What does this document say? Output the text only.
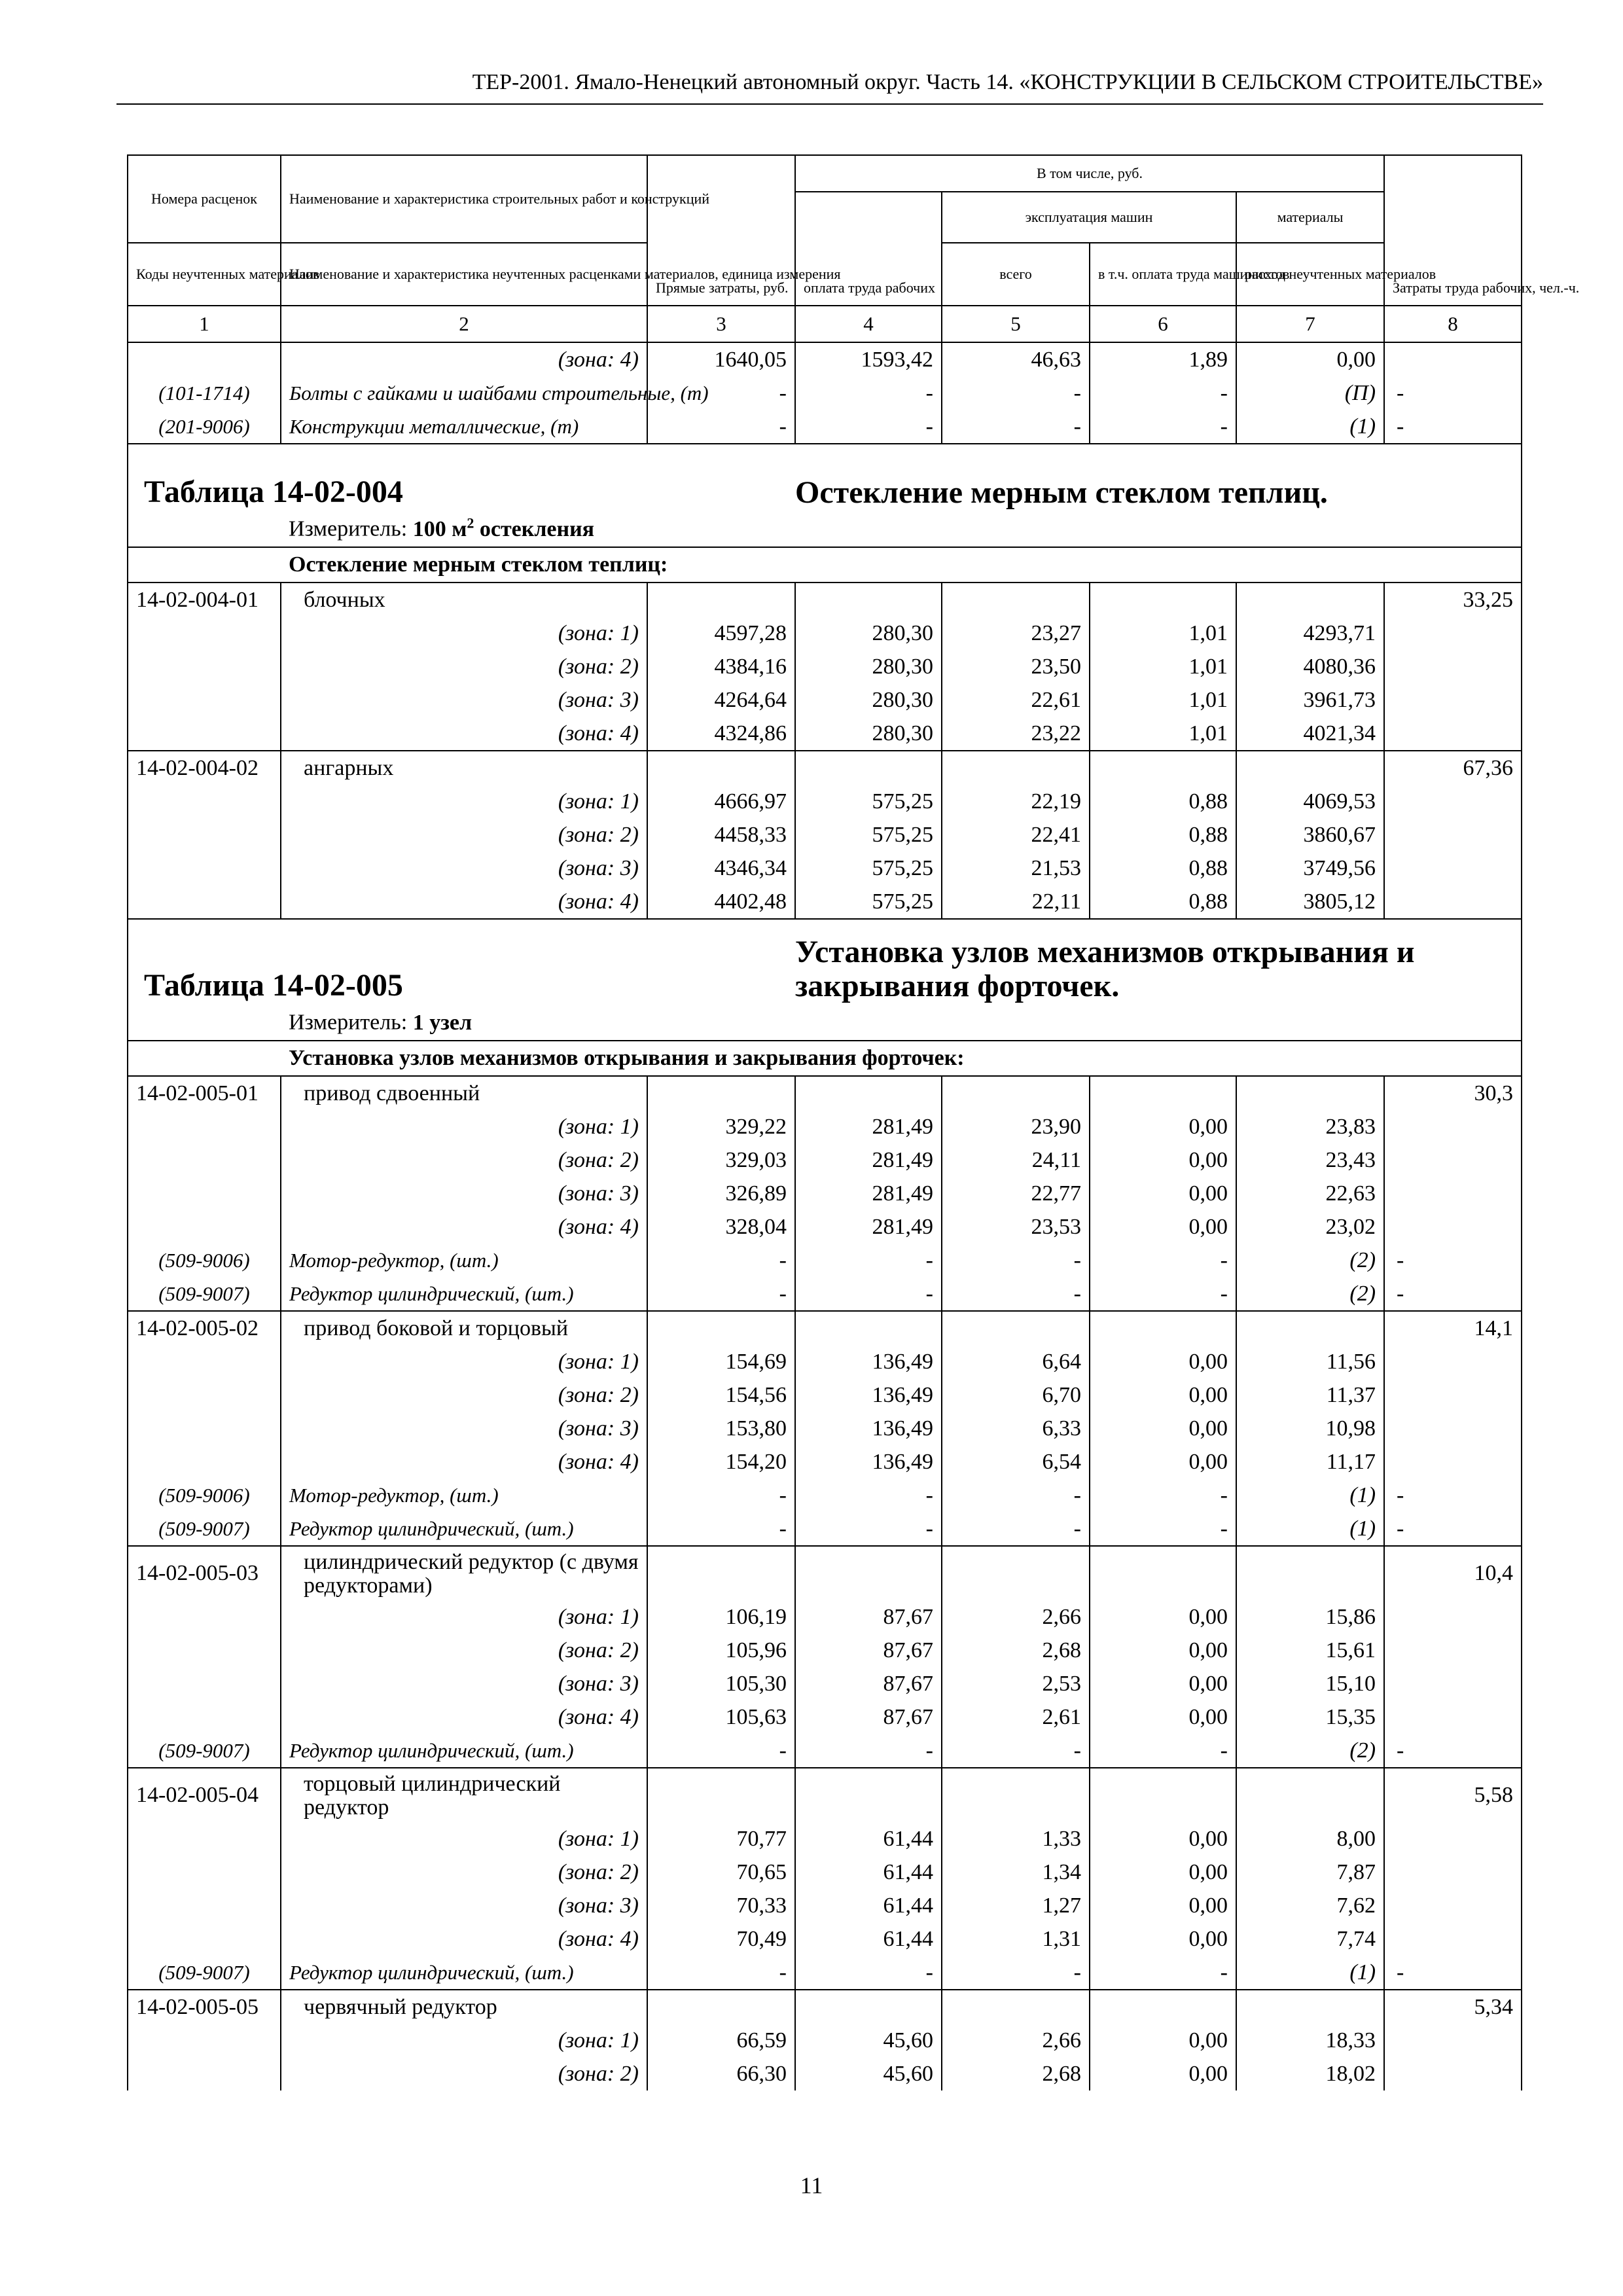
ТЕР-2001. Ямало-Ненецкий автономный округ. Часть 14. «КОНСТРУКЦИИ В СЕЛЬСКОМ СТРОИТЕЛЬСТВЕ»
Номера расценок	Наименование и характеристика строительных работ и конструкций	Прямые затраты, руб.	В том числе, руб.				Затраты труда рабочих, чел.-ч.
			оплата труда рабочих	эксплуатация машин		материалы	
Коды неучтенных материалов	Наименование и характеристика неучтенных расценками материалов, единица измерения			всего	в т.ч. оплата труда машинистов	расход неучтенных материалов	
1	2	3	4	5	6	7	8
	(зона: 4)	1640,05	1593,42	46,63	1,89	0,00	
(101-1714)	Болты с гайками и шайбами строительные, (т)	-	-	-	-	(П)	-
(201-9006)	Конструкции металлические, (т)	-	-	-	-	(1)	-

Таблица 14-02-004			Остекление мерным стеклом теплиц.				
	Измеритель: 100 $м^2$ остекления						
	Остекление мерным стеклом теплиц:						
14-02-004-01	блочных						33,25
	(зона: 1)	4597,28	280,30	23,27	1,01	4293,71	
	(зона: 2)	4384,16	280,30	23,50	1,01	4080,36	
	(зона: 3)	4264,64	280,30	22,61	1,01	3961,73	
	(зона: 4)	4324,86	280,30	23,22	1,01	4021,34	
14-02-004-02	ангарных						67,36
	(зона: 1)	4666,97	575,25	22,19	0,88	4069,53	
	(зона: 2)	4458,33	575,25	22,41	0,88	3860,67	
	(зона: 3)	4346,34	575,25	21,53	0,88	3749,56	
	(зона: 4)	4402,48	575,25	22,11	0,88	3805,12	

Таблица 14-02-005			Установка узлов механизмов открывания и закрывания форточек.				
	Измеритель: 1 узел						
	Установка узлов механизмов открывания и закрывания форточек:						
14-02-005-01	привод сдвоенный						30,3
	(зона: 1)	329,22	281,49	23,90	0,00	23,83	
	(зона: 2)	329,03	281,49	24,11	0,00	23,43	
	(зона: 3)	326,89	281,49	22,77	0,00	22,63	
	(зона: 4)	328,04	281,49	23,53	0,00	23,02	
(509-9006)	Мотор-редуктор, (шт.)	-	-	-	-	(2)	-
(509-9007)	Редуктор цилиндрический, (шт.)	-	-	-	-	(2)	-
14-02-005-02	привод боковой и торцовый						14,1
	(зона: 1)	154,69	136,49	6,64	0,00	11,56	
	(зона: 2)	154,56	136,49	6,70	0,00	11,37	
	(зона: 3)	153,80	136,49	6,33	0,00	10,98	
	(зона: 4)	154,20	136,49	6,54	0,00	11,17	
(509-9006)	Мотор-редуктор, (шт.)	-	-	-	-	(1)	-
(509-9007)	Редуктор цилиндрический, (шт.)	-	-	-	-	(1)	-
14-02-005-03	цилиндрический редуктор (с двумя редукторами)						10,4
	(зона: 1)	106,19	87,67	2,66	0,00	15,86	
	(зона: 2)	105,96	87,67	2,68	0,00	15,61	
	(зона: 3)	105,30	87,67	2,53	0,00	15,10	
	(зона: 4)	105,63	87,67	2,61	0,00	15,35	
(509-9007)	Редуктор цилиндрический, (шт.)	-	-	-	-	(2)	-
14-02-005-04	торцовый цилиндрический редуктор						5,58
	(зона: 1)	70,77	61,44	1,33	0,00	8,00	
	(зона: 2)	70,65	61,44	1,34	0,00	7,87	
	(зона: 3)	70,33	61,44	1,27	0,00	7,62	
	(зона: 4)	70,49	61,44	1,31	0,00	7,74	
(509-9007)	Редуктор цилиндрический, (шт.)	-	-	-	-	(1)	-
14-02-005-05	червячный редуктор						5,34
	(зона: 1)	66,59	45,60	2,66	0,00	18,33	
	(зона: 2)	66,30	45,60	2,68	0,00	18,02	
11
